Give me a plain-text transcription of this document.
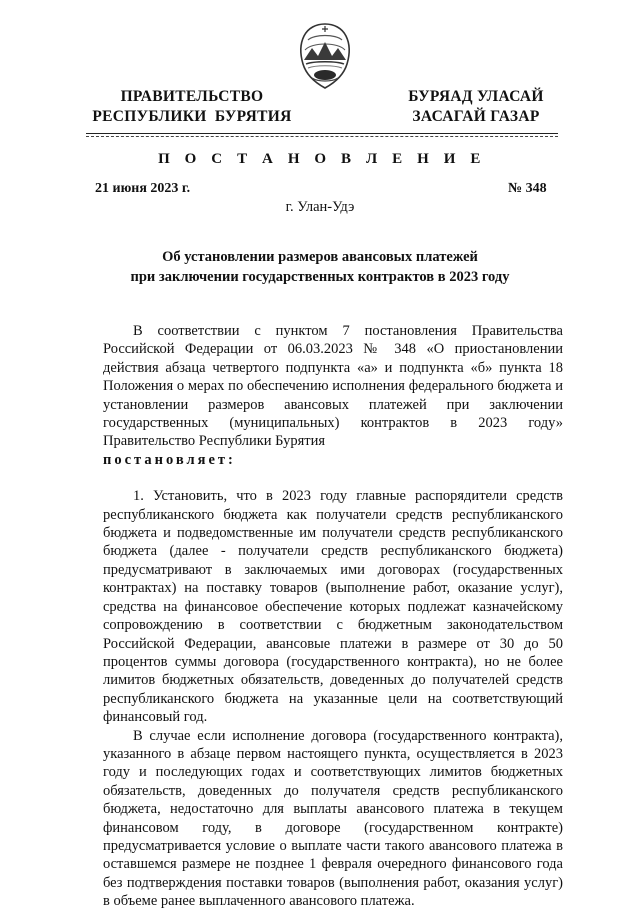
ПРАВИТЕЛЬСТВО
РЕСПУБЛИКИ  БУРЯТИЯ
БУРЯАД УЛАСАЙ
ЗАСАГАЙ ГАЗАР
П О С Т А Н О В Л Е Н И Е
21 июня 2023 г.	№ 348
г. Улан-Удэ
Об установлении размеров авансовых платежей
при заключении государственных контрактов в 2023 году

В соответствии с пунктом 7 постановления Правительства Российской Федерации от 06.03.2023 № 348 «О приостановлении действия абзаца четвертого подпункта «а» и подпункта «б» пункта 18 Положения о мерах по обеспечению исполнения федерального бюджета и установлении размеров авансовых платежей при заключении государственных (муниципальных) контрактов в 2023 году» Правительство Республики Бурятия

постановляет:

1. Установить, что в 2023 году главные распорядители средств республиканского бюджета как получатели средств республиканского бюджета и подведомственные им получатели средств республиканского бюджета (далее - получатели средств республиканского бюджета) предусматривают в заключаемых ими договорах (государственных контрактах) на поставку товаров (выполнение работ, оказание услуг), средства на финансовое обеспечение которых подлежат казначейскому сопровождению в соответствии с бюджетным законодательством Российской Федерации, авансовые платежи в размере от 30 до 50 процентов суммы договора (государственного контракта), но не более лимитов бюджетных обязательств, доведенных до получателей средств республиканского бюджета на указанные цели на соответствующий финансовый год.

В случае если исполнение договора (государственного контракта), указанного в абзаце первом настоящего пункта, осуществляется в 2023 году и последующих годах и соответствующих лимитов бюджетных обязательств, доведенных до получателя средств республиканского бюджета, недостаточно для выплаты авансового платежа в текущем финансовом году, в договоре (государственном контракте) предусматривается условие о выплате части такого авансового платежа в оставшемся размере не позднее 1 февраля очередного финансового года без подтверждения поставки товаров (выполнения работ, оказания услуг) в объеме ранее выплаченного авансового платежа.
